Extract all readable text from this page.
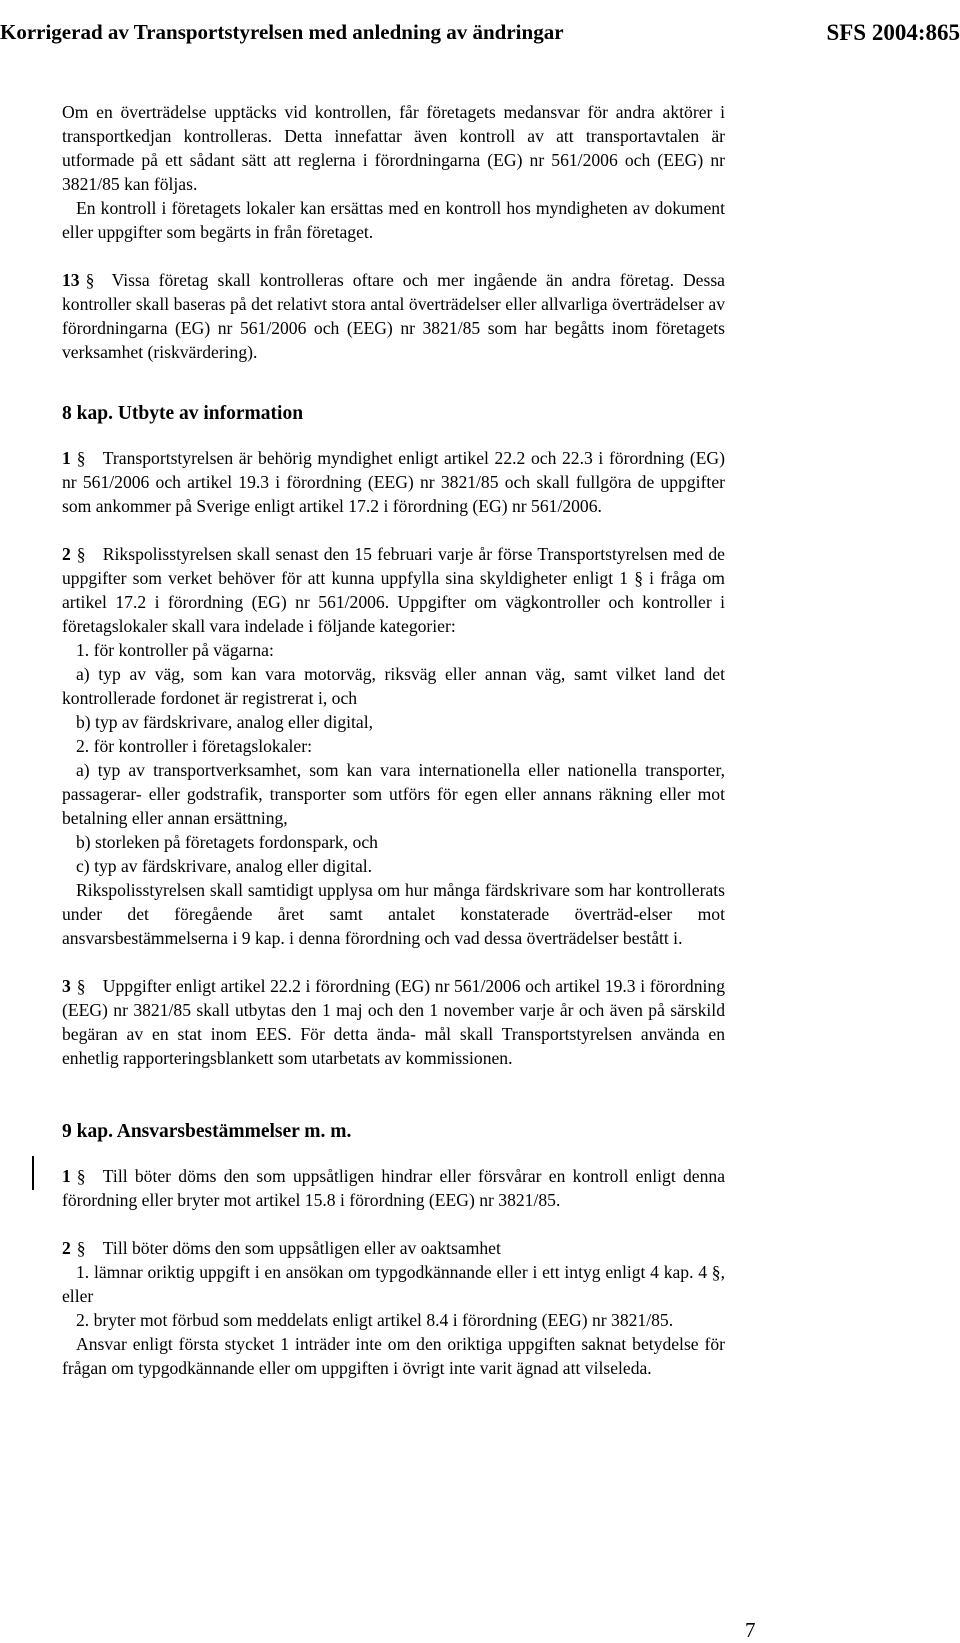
Korrigerad av Transportstyrelsen med anledning av ändringar	SFS 2004:865

Om en överträdelse upptäcks vid kontrollen, får företagets medansvar för andra aktörer i transportkedjan kontrolleras. Detta innefattar även kontroll av att transportavtalen är utformade på ett sådant sätt att reglerna i förordningarna (EG) nr 561/2006 och (EEG) nr 3821/85 kan följas.

En kontroll i företagets lokaler kan ersättas med en kontroll hos myndigheten av dokument eller uppgifter som begärts in från företaget.

13 § Vissa företag skall kontrolleras oftare och mer ingående än andra företag. Dessa kontroller skall baseras på det relativt stora antal överträdelser eller allvarliga överträdelser av förordningarna (EG) nr 561/2006 och (EEG) nr 3821/85 som har begåtts inom företagets verksamhet (riskvärdering).

8 kap. Utbyte av information

1 § Transportstyrelsen är behörig myndighet enligt artikel 22.2 och 22.3 i förordning (EG) nr 561/2006 och artikel 19.3 i förordning (EEG) nr 3821/85 och skall fullgöra de uppgifter som ankommer på Sverige enligt artikel 17.2 i förordning (EG) nr 561/2006.

2 § Rikspolisstyrelsen skall senast den 15 februari varje år förse Transportstyrelsen med de uppgifter som verket behöver för att kunna uppfylla sina skyldigheter enligt 1 § i fråga om artikel 17.2 i förordning (EG) nr 561/2006. Uppgifter om vägkontroller och kontroller i företagslokaler skall vara indelade i följande kategorier:

1. för kontroller på vägarna:

a) typ av väg, som kan vara motorväg, riksväg eller annan väg, samt vilket land det kontrollerade fordonet är registrerat i, och

b) typ av färdskrivare, analog eller digital,

2. för kontroller i företagslokaler:

a) typ av transportverksamhet, som kan vara internationella eller nationella transporter, passagerar- eller godstrafik, transporter som utförs för egen eller annans räkning eller mot betalning eller annan ersättning,

b) storleken på företagets fordonspark, och

c) typ av färdskrivare, analog eller digital.

Rikspolisstyrelsen skall samtidigt upplysa om hur många färdskrivare som har kontrollerats under det föregående året samt antalet konstaterade överträd-elser mot ansvarsbestämmelserna i 9 kap. i denna förordning och vad dessa överträdelser bestått i.

3 § Uppgifter enligt artikel 22.2 i förordning (EG) nr 561/2006 och artikel 19.3 i förordning (EEG) nr 3821/85 skall utbytas den 1 maj och den 1 november varje år och även på särskild begäran av en stat inom EES. För detta ända- mål skall Transportstyrelsen använda en enhetlig rapporteringsblankett som utarbetats av kommissionen.

9 kap. Ansvarsbestämmelser m. m.

1 § Till böter döms den som uppsåtligen hindrar eller försvårar en kontroll enligt denna förordning eller bryter mot artikel 15.8 i förordning (EEG) nr 3821/85.

2 § Till böter döms den som uppsåtligen eller av oaktsamhet

1. lämnar oriktig uppgift i en ansökan om typgodkännande eller i ett intyg enligt 4 kap. 4 §, eller

2. bryter mot förbud som meddelats enligt artikel 8.4 i förordning (EEG) nr 3821/85.

Ansvar enligt första stycket 1 inträder inte om den oriktiga uppgiften saknat betydelse för frågan om typgodkännande eller om uppgiften i övrigt inte varit ägnad att vilseleda.

7
